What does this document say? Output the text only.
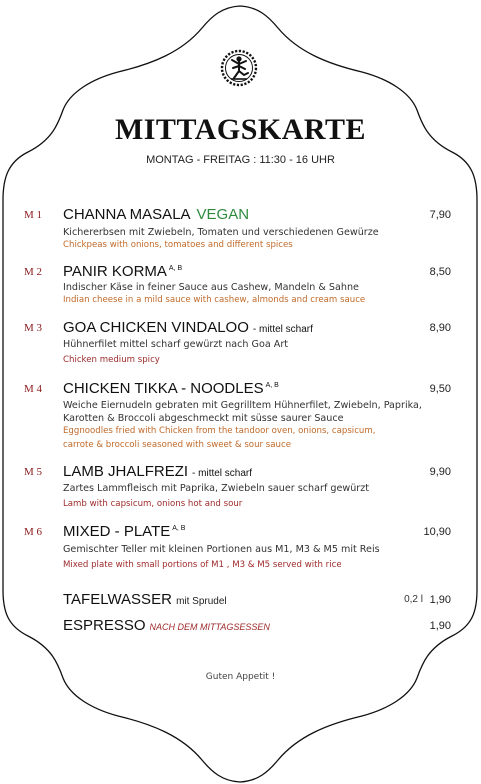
MITTAGSKARTE
MONTAG - FREITAG : 11:30 - 16 UHR
M 1 CHANNA MASALA VEGAN	7,90
Kichererbsen mit Zwiebeln, Tomaten und verschiedenen Gewürze
Chickpeas with onions, tomatoes and different spices
M 2 PANIR KORMA $^{A, B}$	8,50
Indischer Käse in feiner Sauce aus Cashew, Mandeln & Sahne
Indian cheese in a mild sauce with cashew, almonds and cream sauce
M 3 GOA CHICKEN VINDALOO - mittel scharf	8,90
Hühnerfilet mittel scharf gewürzt nach Goa Art
Chicken medium spicy
M 4 CHICKEN TIKKA - NOODLES $^{A, B}$	9,50
Weiche Eiernudeln gebraten mit Gegrilltem Hühnerfilet, Zwiebeln, Paprika,
Karotten & Broccoli abgeschmeckt mit süsse saurer Sauce
Eggnoodles fried with Chicken from the tandoor oven, onions, capsicum,
carrote & broccoli seasoned with sweet & sour sauce
M 5 LAMB JHALFREZI - mittel scharf	9,90
Zartes Lammfleisch mit Paprika, Zwiebeln sauer scharf gewürzt
Lamb with capsicum, onions hot and sour
M 6 MIXED - PLATE $^{A, B}$	10,90
Gemischter Teller mit kleinen Portionen aus M1, M3 & M5 mit Reis
Mixed plate with small portions of M1 , M3 & M5 served with rice
TAFELWASSER mit Sprudel	0,2 l 1,90
ESPRESSO NACH DEM MITTAGSESSEN	1,90
Guten Appetit !
